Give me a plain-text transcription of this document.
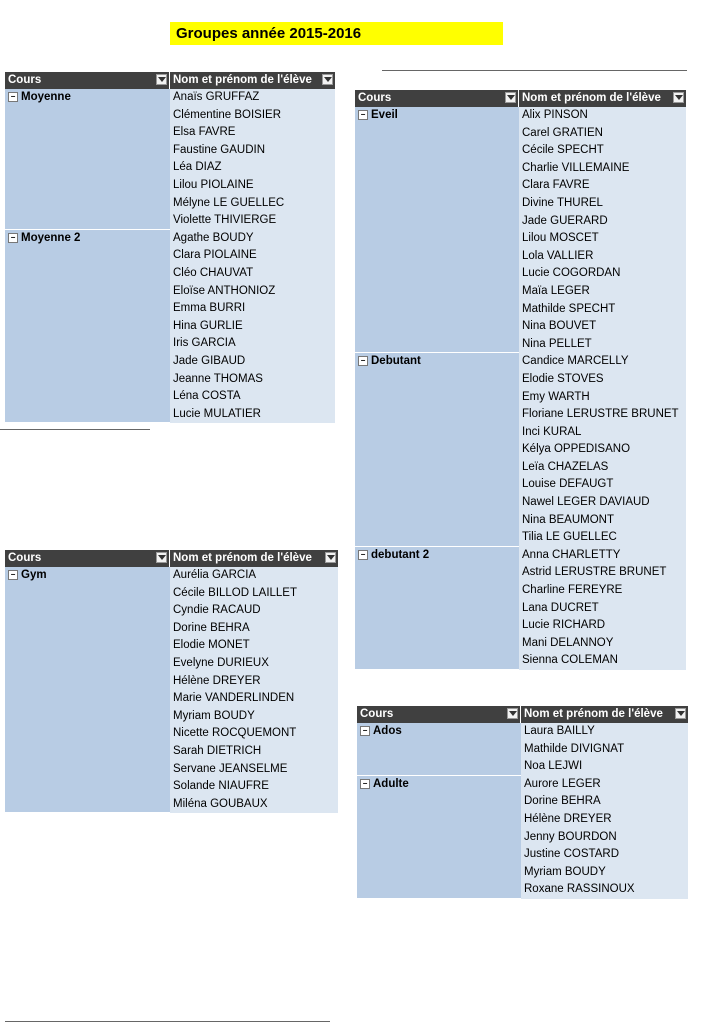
Groupes année 2015-2016
Cours	Nom et prénom de l'élève
− Moyenne	Anaïs GRUFFAZ
Clémentine BOISIER
Elsa FAVRE
Faustine GAUDIN
Léa DIAZ
Lilou PIOLAINE
Mélyne LE GUELLEC
Violette THIVIERGE
− Moyenne 2	Agathe BOUDY
Clara PIOLAINE
Cléo CHAUVAT
Eloïse ANTHONIOZ
Emma BURRI
Hina GURLIE
Iris GARCIA
Jade GIBAUD
Jeanne THOMAS
Léna COSTA
Lucie MULATIER
Cours	Nom et prénom de l'élève
− Gym	Aurélia GARCIA
Cécile BILLOD LAILLET
Cyndie RACAUD
Dorine BEHRA
Elodie MONET
Evelyne DURIEUX
Hélène DREYER
Marie VANDERLINDEN
Myriam BOUDY
Nicette ROCQUEMONT
Sarah DIETRICH
Servane JEANSELME
Solande NIAUFRE
Miléna GOUBAUX
Cours	Nom et prénom de l'élève
− Eveil	Alix PINSON
Carel GRATIEN
Cécile SPECHT
Charlie VILLEMAINE
Clara FAVRE
Divine THUREL
Jade GUERARD
Lilou MOSCET
Lola VALLIER
Lucie COGORDAN
Maïa LEGER
Mathilde SPECHT
Nina BOUVET
Nina PELLET
− Debutant	Candice MARCELLY
Elodie STOVES
Emy WARTH
Floriane LERUSTRE BRUNET
Inci KURAL
Kélya OPPEDISANO
Leïa CHAZELAS
Louise DEFAUGT
Nawel LEGER DAVIAUD
Nina BEAUMONT
Tilia LE GUELLEC
− debutant 2	Anna CHARLETTY
Astrid LERUSTRE BRUNET
Charline FEREYRE
Lana DUCRET
Lucie RICHARD
Mani DELANNOY
Sienna COLEMAN
Cours	Nom et prénom de l'élève
− Ados	Laura BAILLY
Mathilde DIVIGNAT
Noa LEJWI
− Adulte	Aurore LEGER
Dorine BEHRA
Hélène DREYER
Jenny BOURDON
Justine COSTARD
Myriam BOUDY
Roxane RASSINOUX
